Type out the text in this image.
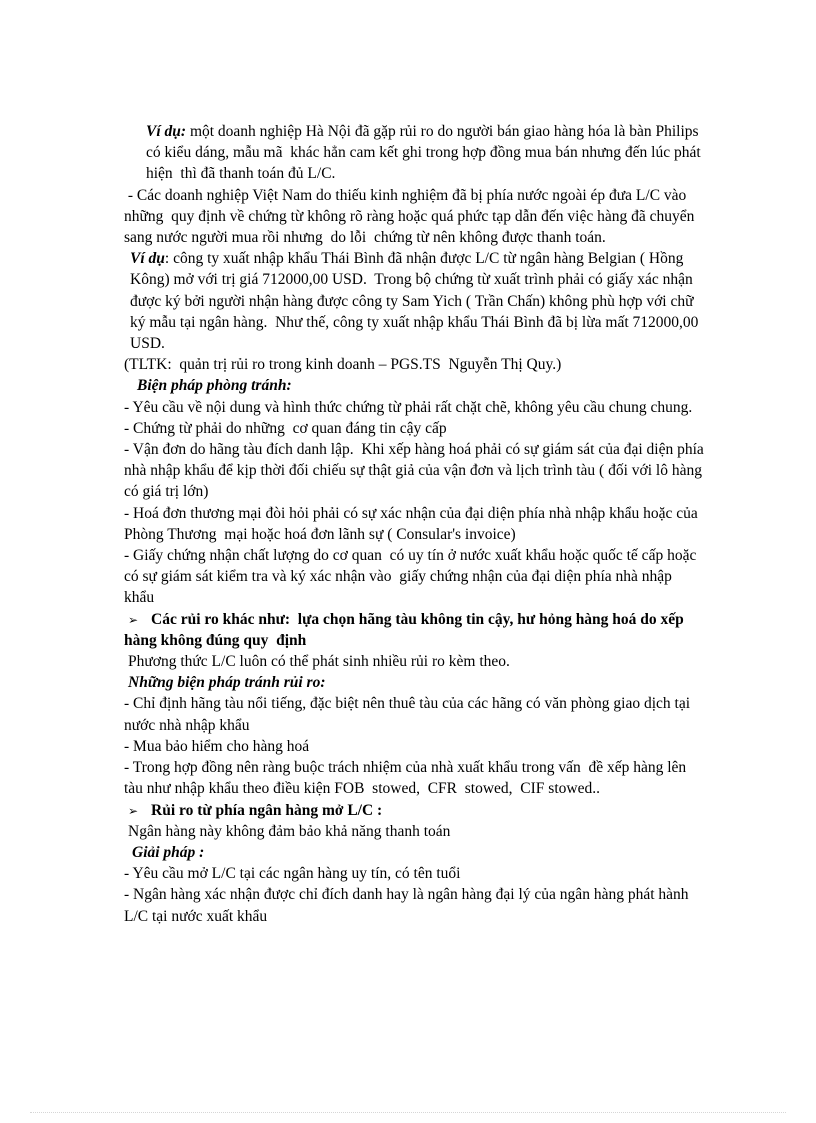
Ví dụ: một doanh nghiệp Hà Nội đã gặp rủi ro do người bán giao hàng hóa là bàn Philips có kiểu dáng, mẫu mã  khác hẳn cam kết ghi trong hợp đồng mua bán nhưng đến lúc phát hiện  thì đã thanh toán đủ L/C.

- Các doanh nghiệp Việt Nam do thiếu kinh nghiệm đã bị phía nước ngoài ép đưa L/C vào những  quy định về chứng từ không rõ ràng hoặc quá phức tạp dẫn đến việc hàng đã chuyển sang nước người mua rồi nhưng  do lỗi  chứng từ nên không được thanh toán.

Ví dụ: công ty xuất nhập khẩu Thái Bình đã nhận được L/C từ ngân hàng Belgian ( Hồng  Kông) mở với trị giá 712000,00 USD.  Trong bộ chứng từ xuất trình phải có giấy xác nhận được ký bởi người nhận hàng được công ty Sam Yich ( Trần Chấn) không phù hợp với chữ ký mẫu tại ngân hàng.  Như thế, công ty xuất nhập khẩu Thái Bình đã bị lừa mất 712000,00 USD.

(TLTK:  quản trị rủi ro trong kinh doanh – PGS.TS  Nguyễn Thị Quy.)

Biện pháp phòng tránh:

- Yêu cầu về nội dung và hình thức chứng từ phải rất chặt chẽ, không yêu cầu chung chung.

- Chứng từ phải do những  cơ quan đáng tin cậy cấp

- Vận đơn do hãng tàu đích danh lập.  Khi xếp hàng hoá phải có sự giám sát của đại diện phía nhà nhập khẩu để kịp thời đối chiếu sự thật giả của vận đơn và lịch trình tàu ( đối với lô hàng có giá trị lớn)

- Hoá đơn thương mại đòi hỏi phải có sự xác nhận của đại diện phía nhà nhập khẩu hoặc của Phòng Thương  mại hoặc hoá đơn lãnh sự ( Consular's invoice)

- Giấy chứng nhận chất lượng do cơ quan  có uy tín ở nước xuất khẩu hoặc quốc tế cấp hoặc có sự giám sát kiểm tra và ký xác nhận vào  giấy chứng nhận của đại diện phía nhà nhập khẩu

➢ Các rủi ro khác như:  lựa chọn hãng tàu không tin cậy, hư hỏng hàng hoá do xếp hàng không đúng quy  định

Phương thức L/C luôn có thể phát sinh nhiều rủi ro kèm theo.

Những biện pháp tránh rủi ro:

- Chỉ định hãng tàu nổi tiếng, đặc biệt nên thuê tàu của các hãng có văn phòng giao dịch tại nước nhà nhập khẩu

- Mua bảo hiểm cho hàng hoá

- Trong hợp đồng nên ràng buộc trách nhiệm của nhà xuất khẩu trong vấn  đề xếp hàng lên tàu như nhập khẩu theo điều kiện FOB  stowed,  CFR  stowed,  CIF stowed..

➢ Rủi ro từ phía ngân hàng mở L/C :

Ngân hàng này không đảm bảo khả năng thanh toán

Giải pháp :

- Yêu cầu mở L/C tại các ngân hàng uy tín, có tên tuổi

- Ngân hàng xác nhận được chỉ đích danh hay là ngân hàng đại lý của ngân hàng phát hành L/C tại nước xuất khẩu
